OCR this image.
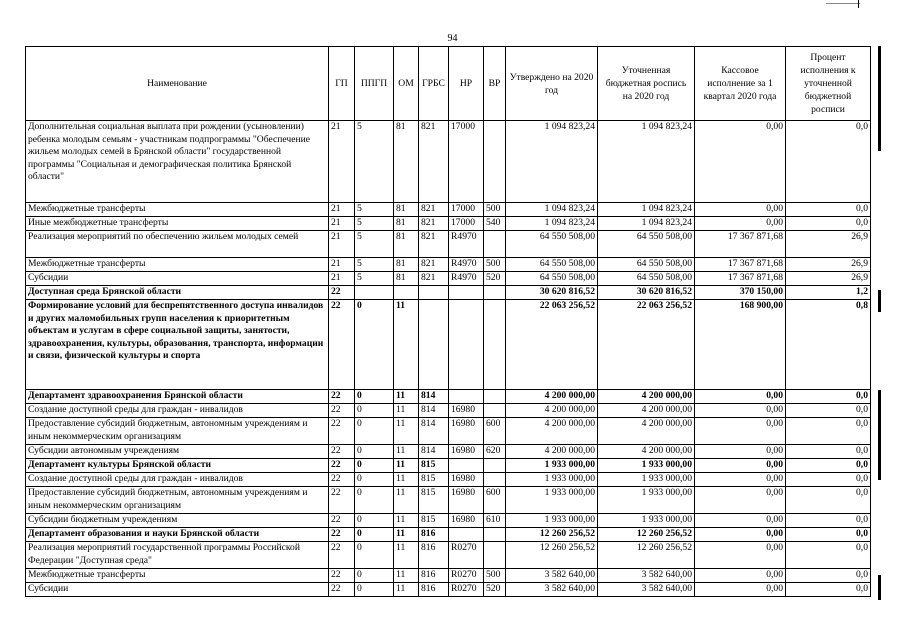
94
Наименование	ГП	ППГП	ОМ	ГРБС	НР	ВР	Утверждено на 2020 год	Уточненная бюджетная роспись на 2020 год	Кассовое исполнение за 1 квартал 2020 года	Процент исполнения к уточненной бюджетной росписи
Дополнительная социальная выплата при рождении (усыновлении) ребенка молодым семьям - участникам подпрограммы "Обеспечение жильем молодых семей в Брянской области" государственной программы "Социальная и демографическая политика Брянской области"	21	5	81	821	17000		1 094 823,24	1 094 823,24	0,00	0,0
Межбюджетные трансферты	21	5	81	821	17000	500	1 094 823,24	1 094 823,24	0,00	0,0
Иные межбюджетные трансферты	21	5	81	821	17000	540	1 094 823,24	1 094 823,24	0,00	0,0
Реализация мероприятий по обеспечению жильем молодых семей	21	5	81	821	R4970		64 550 508,00	64 550 508,00	17 367 871,68	26,9
Межбюджетные трансферты	21	5	81	821	R4970	500	64 550 508,00	64 550 508,00	17 367 871,68	26,9
Субсидии	21	5	81	821	R4970	520	64 550 508,00	64 550 508,00	17 367 871,68	26,9
Доступная среда Брянской области	22						30 620 816,52	30 620 816,52	370 150,00	1,2
Формирование условий для беспрепятственного доступа инвалидов и других маломобильных групп населения к приоритетным объектам и услугам в сфере социальной защиты, занятости, здравоохранения, культуры, образования, транспорта, информации и связи, физической культуры и спорта	22	0	11				22 063 256,52	22 063 256,52	168 900,00	0,8
Департамент здравоохранения Брянской области	22	0	11	814			4 200 000,00	4 200 000,00	0,00	0,0
Создание доступной среды для граждан - инвалидов	22	0	11	814	16980		4 200 000,00	4 200 000,00	0,00	0,0
Предоставление субсидий бюджетным, автономным учреждениям и иным некоммерческим организациям	22	0	11	814	16980	600	4 200 000,00	4 200 000,00	0,00	0,0
Субсидии автономным учреждениям	22	0	11	814	16980	620	4 200 000,00	4 200 000,00	0,00	0,0
Департамент культуры Брянской области	22	0	11	815			1 933 000,00	1 933 000,00	0,00	0,0
Создание доступной среды для граждан - инвалидов	22	0	11	815	16980		1 933 000,00	1 933 000,00	0,00	0,0
Предоставление субсидий бюджетным, автономным учреждениям и иным некоммерческим организациям	22	0	11	815	16980	600	1 933 000,00	1 933 000,00	0,00	0,0
Субсидии бюджетным учреждениям	22	0	11	815	16980	610	1 933 000,00	1 933 000,00	0,00	0,0
Департамент образования и науки Брянской области	22	0	11	816			12 260 256,52	12 260 256,52	0,00	0,0
Реализация мероприятий государственной программы Российской Федерации "Доступная среда"	22	0	11	816	R0270		12 260 256,52	12 260 256,52	0,00	0,0
Межбюджетные трансферты	22	0	11	816	R0270	500	3 582 640,00	3 582 640,00	0,00	0,0
Субсидии	22	0	11	816	R0270	520	3 582 640,00	3 582 640,00	0,00	0,0
